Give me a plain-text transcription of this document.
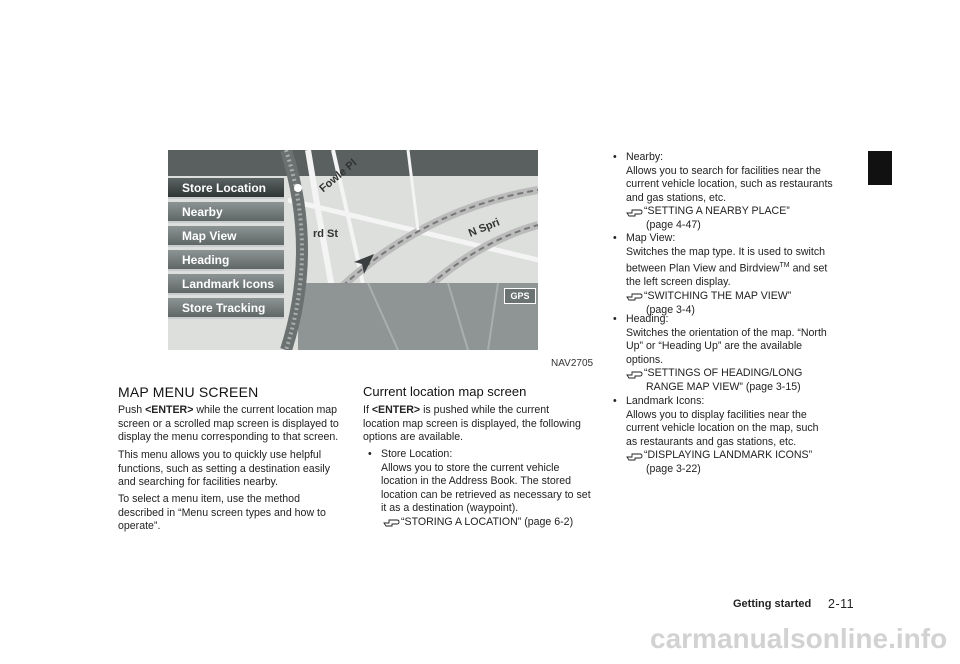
Fowle Pl
rd St	N Spri
GPS
Store Location
Nearby
Map View
Heading
Landmark Icons
Store Tracking
NAV2705
MAP MENU SCREEN
Push <ENTER> while the current location map
screen or a scrolled map screen is displayed to
display the menu corresponding to that screen.
This menu allows you to quickly use helpful
functions, such as setting a destination easily
and searching for facilities nearby.
To select a menu item, use the method
described in “Menu screen types and how to
operate”.
Current location map screen
If <ENTER> is pushed while the current
location map screen is displayed, the following
options are available.
• Store Location:
Allows you to store the current vehicle
location in the Address Book. The stored
location can be retrieved as necessary to set
it as a destination (waypoint).
“STORING A LOCATION” (page 6-2)
• Nearby:
Allows you to search for facilities near the
current vehicle location, such as restaurants
and gas stations, etc.
“SETTING A NEARBY PLACE”
(page 4-47)
• Map View:
Switches the map type. It is used to switch
between Plan View and Birdview™ and set
the left screen display.
“SWITCHING THE MAP VIEW”
(page 3-4)
• Heading:
Switches the orientation of the map. “North
Up” or “Heading Up” are the available
options.
“SETTINGS OF HEADING/LONG
RANGE MAP VIEW” (page 3-15)
• Landmark Icons:
Allows you to display facilities near the
current vehicle location on the map, such
as restaurants and gas stations, etc.
“DISPLAYING LANDMARK ICONS”
(page 3-22)
Getting started 2-11
carmanualsonline.info
